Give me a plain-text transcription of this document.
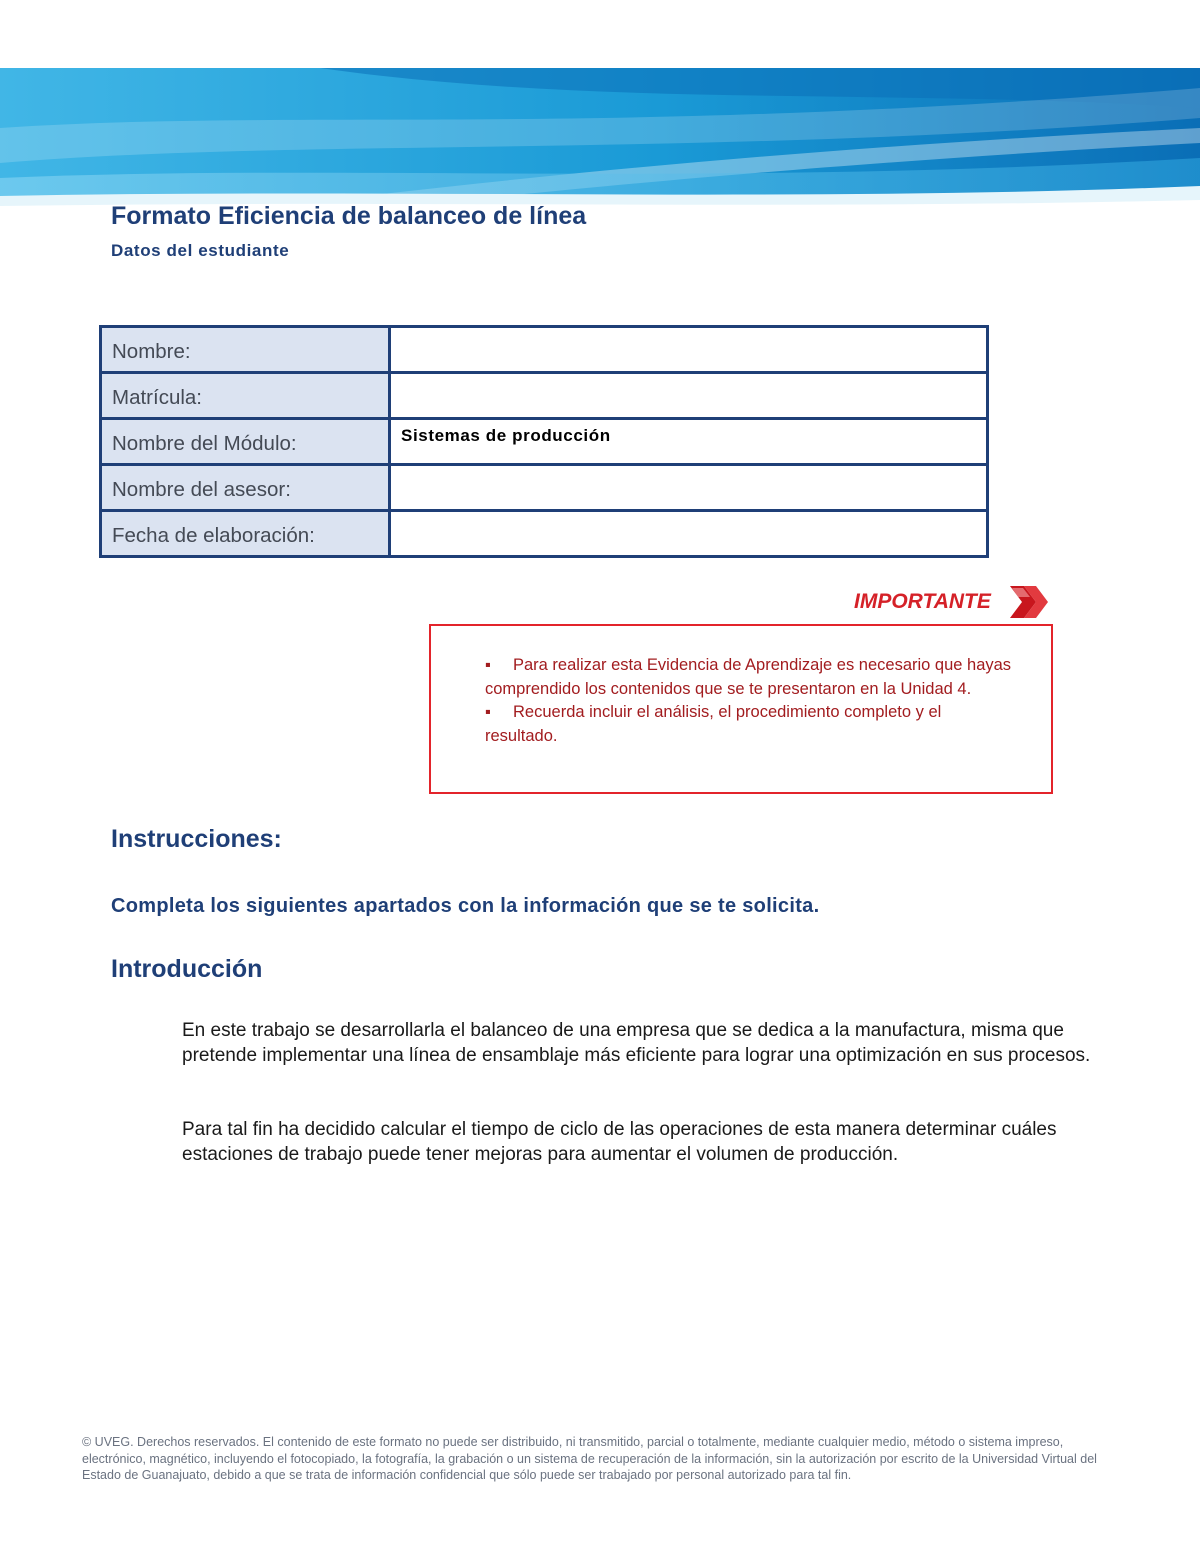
Formato Eficiencia de balanceo de línea
Datos del estudiante
Nombre:	
Matrícula:	
Nombre del Módulo:	Sistemas de producción
Nombre del asesor:	
Fecha de elaboración:	
IMPORTANTE
▪ Para realizar esta Evidencia de Aprendizaje es necesario que hayas comprendido los contenidos que se te presentaron en la Unidad 4.
▪ Recuerda incluir el análisis, el procedimiento completo y el resultado.
Instrucciones:
Completa los siguientes apartados con la información que se te solicita.
Introducción

En este trabajo se desarrollarla el balanceo de una empresa que se dedica a la manufactura, misma que pretende implementar una línea de ensamblaje más eficiente para lograr una optimización en sus procesos.

Para tal fin ha decidido calcular el tiempo de ciclo de las operaciones de esta manera determinar cuáles estaciones de trabajo puede tener mejoras para aumentar el volumen de producción.

© UVEG. Derechos reservados. El contenido de este formato no puede ser distribuido, ni transmitido, parcial o totalmente, mediante cualquier medio, método o sistema impreso, electrónico, magnético, incluyendo el fotocopiado, la fotografía, la grabación o un sistema de recuperación de la información, sin la autorización por escrito de la Universidad Virtual del Estado de Guanajuato, debido a que se trata de información confidencial que sólo puede ser trabajado por personal autorizado para tal fin.
